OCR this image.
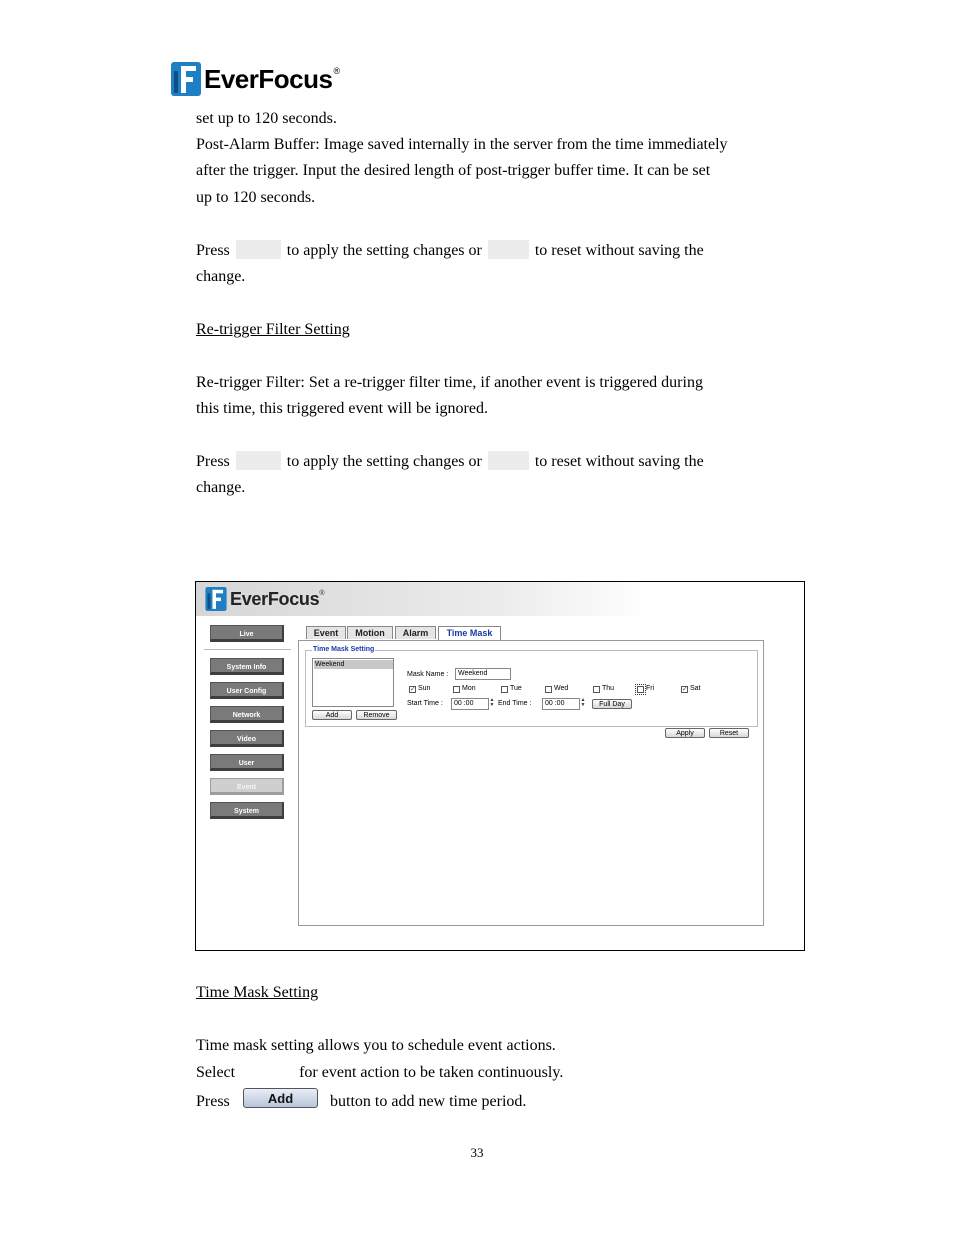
EverFocus®
set up to 120 seconds.
Post-Alarm Buffer: Image saved internally in the server from the time immediately
after the trigger. Input the desired length of post-trigger buffer time. It can be set
up to 120 seconds.
Press	to apply the setting changes or	to reset without saving the
change.
Re-trigger Filter Setting
Re-trigger Filter: Set a re-trigger filter time, if another event is triggered during
this time, this triggered event will be ignored.
Press	to apply the setting changes or	to reset without saving the
change.
EverFocus®
Live
System Info
User Config
Network
Video
User
Event
System
Event	Motion	Alarm	Time Mask
Time Mask Setting
Weekend
Add	Remove
Mask Name :	Weekend
✓ Sun	Mon	Tue	Wed	Thu	Fri	✓ Sat
Start Time :	00 :00	▲
▼ End Time :	00 :00	▲
▼	Full Day
Apply	Reset
Time Mask Setting
Time mask setting allows you to schedule event actions.
Select	for event action to be taken continuously.
Press	Add	button to add new time period.
33
